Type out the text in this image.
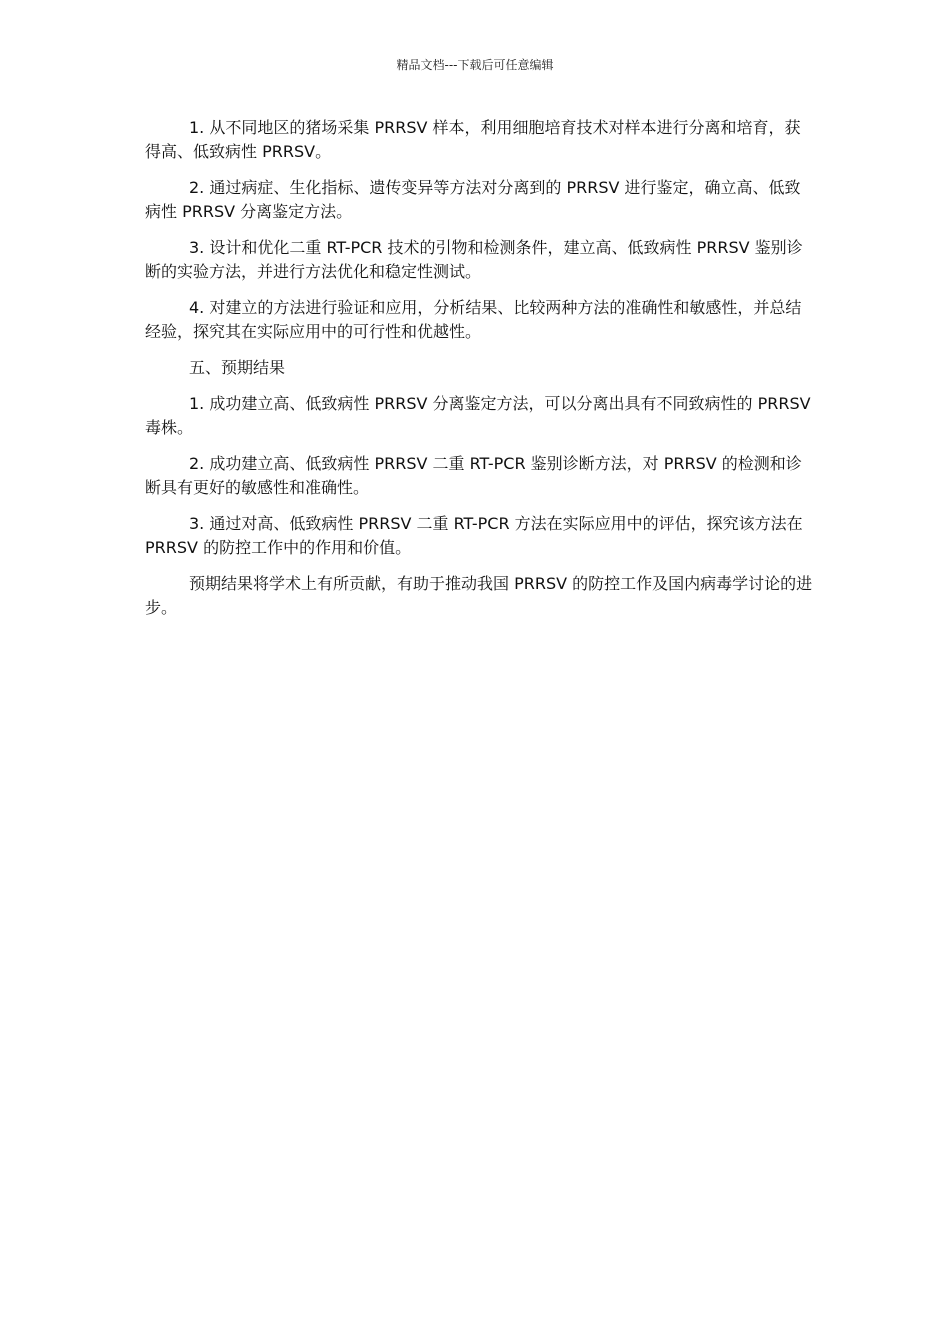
精品文档---下载后可任意编辑

1. 从不同地区的猪场采集 PRRSV 样本，利用细胞培育技术对样本进行分离和培育，获得高、低致病性 PRRSV。

2. 通过病症、生化指标、遗传变异等方法对分离到的 PRRSV 进行鉴定，确立高、低致病性 PRRSV 分离鉴定方法。

3. 设计和优化二重 RT-PCR 技术的引物和检测条件，建立高、低致病性 PRRSV 鉴别诊断的实验方法，并进行方法优化和稳定性测试。

4. 对建立的方法进行验证和应用，分析结果、比较两种方法的准确性和敏感性，并总结经验，探究其在实际应用中的可行性和优越性。

五、预期结果

1. 成功建立高、低致病性 PRRSV 分离鉴定方法，可以分离出具有不同致病性的 PRRSV 毒株。

2. 成功建立高、低致病性 PRRSV 二重 RT-PCR 鉴别诊断方法，对 PRRSV 的检测和诊断具有更好的敏感性和准确性。

3. 通过对高、低致病性 PRRSV 二重 RT-PCR 方法在实际应用中的评估，探究该方法在 PRRSV 的防控工作中的作用和价值。

预期结果将学术上有所贡献，有助于推动我国 PRRSV 的防控工作及国内病毒学讨论的进步。
